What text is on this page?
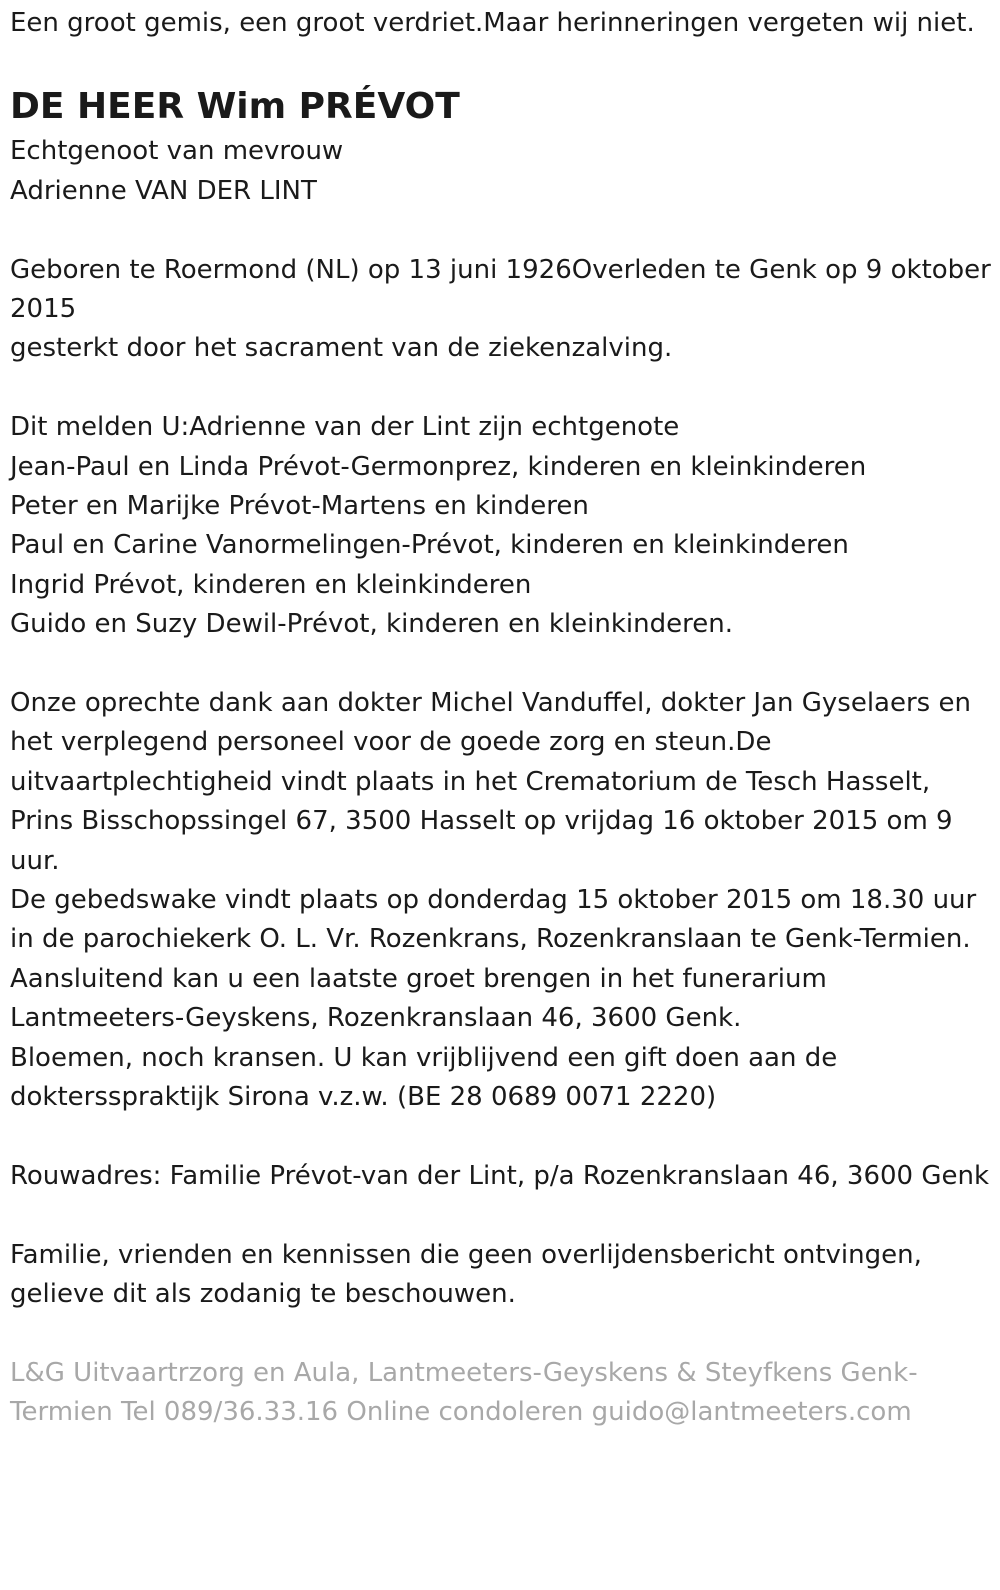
Een groot gemis, een groot verdriet.Maar herinneringen vergeten wij niet.

DE HEER Wim PRÉVOT

Echtgenoot van mevrouw
Adrienne VAN DER LINT

Geboren te Roermond (NL) op 13 juni 1926Overleden te Genk op 9 oktober 2015

gesterkt door het sacrament van de ziekenzalving.

Dit melden U:Adrienne van der Lint zijn echtgenote
Jean-Paul en Linda Prévot-Germonprez, kinderen en kleinkinderen
Peter en Marijke Prévot-Martens en kinderen
Paul en Carine Vanormelingen-Prévot, kinderen en kleinkinderen
Ingrid Prévot, kinderen en kleinkinderen
Guido en Suzy Dewil-Prévot, kinderen en kleinkinderen.

Onze oprechte dank aan dokter Michel Vanduffel, dokter Jan Gyselaers en het verplegend personeel voor de goede zorg en steun.De uitvaartplechtigheid vindt plaats in het Crematorium de Tesch Hasselt, Prins Bisschopssingel 67, 3500 Hasselt op vrijdag 16 oktober 2015 om 9 uur.

De gebedswake vindt plaats op donderdag 15 oktober 2015 om 18.30 uur in de parochiekerk O. L. Vr. Rozenkrans, Rozenkranslaan te Genk-Termien.

Aansluitend kan u een laatste groet brengen in het funerarium Lantmeeters-Geyskens, Rozenkranslaan 46, 3600 Genk.

Bloemen, noch kransen. U kan vrijblijvend een gift doen aan de doktersspraktijk Sirona v.z.w. (BE 28 0689 0071 2220)

Rouwadres: Familie Prévot-van der Lint, p/a Rozenkranslaan 46, 3600 Genk

Familie, vrienden en kennissen die geen overlijdensbericht ontvingen, gelieve dit als zodanig te beschouwen.

L&G Uitvaartrzorg en Aula, Lantmeeters-Geyskens & Steyfkens Genk-Termien Tel 089/36.33.16 Online condoleren guido@lantmeeters.com
